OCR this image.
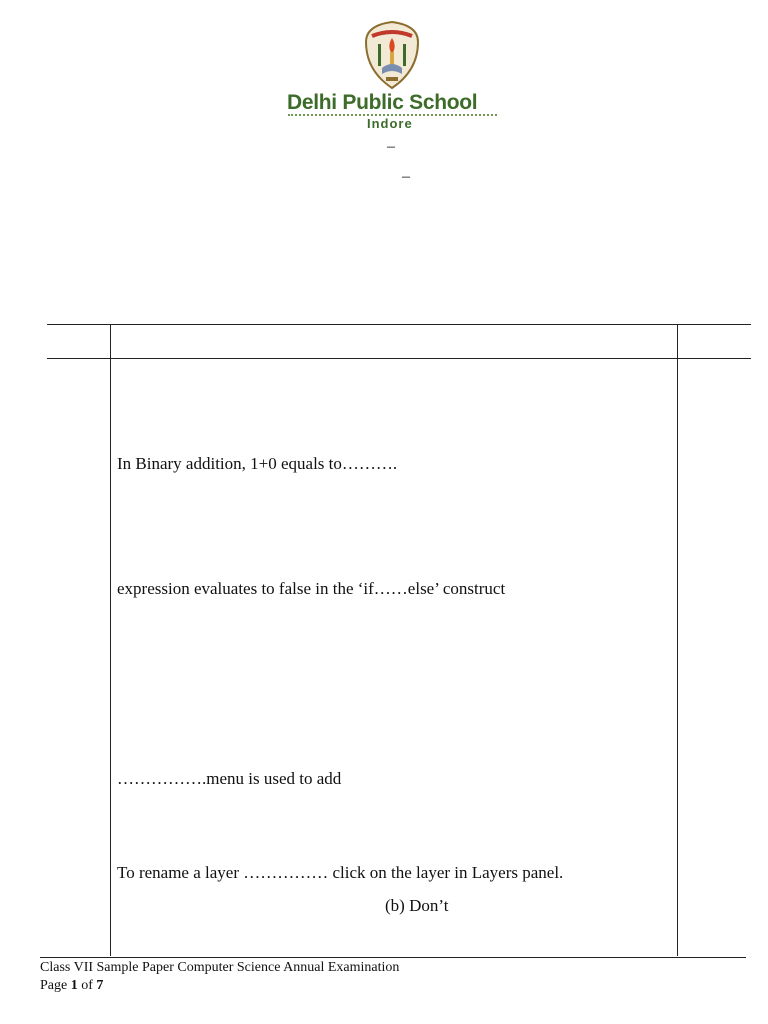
Delhi Public School
Indore
–
–
In Binary addition, 1+0 equals to……….
expression evaluates to false in the ‘if……else’ construct
…………….menu is used to add
To rename a layer …………… click on the layer in Layers panel.
(b) Don’t
Class VII Sample Paper Computer Science Annual Examination
Page 1 of 7
